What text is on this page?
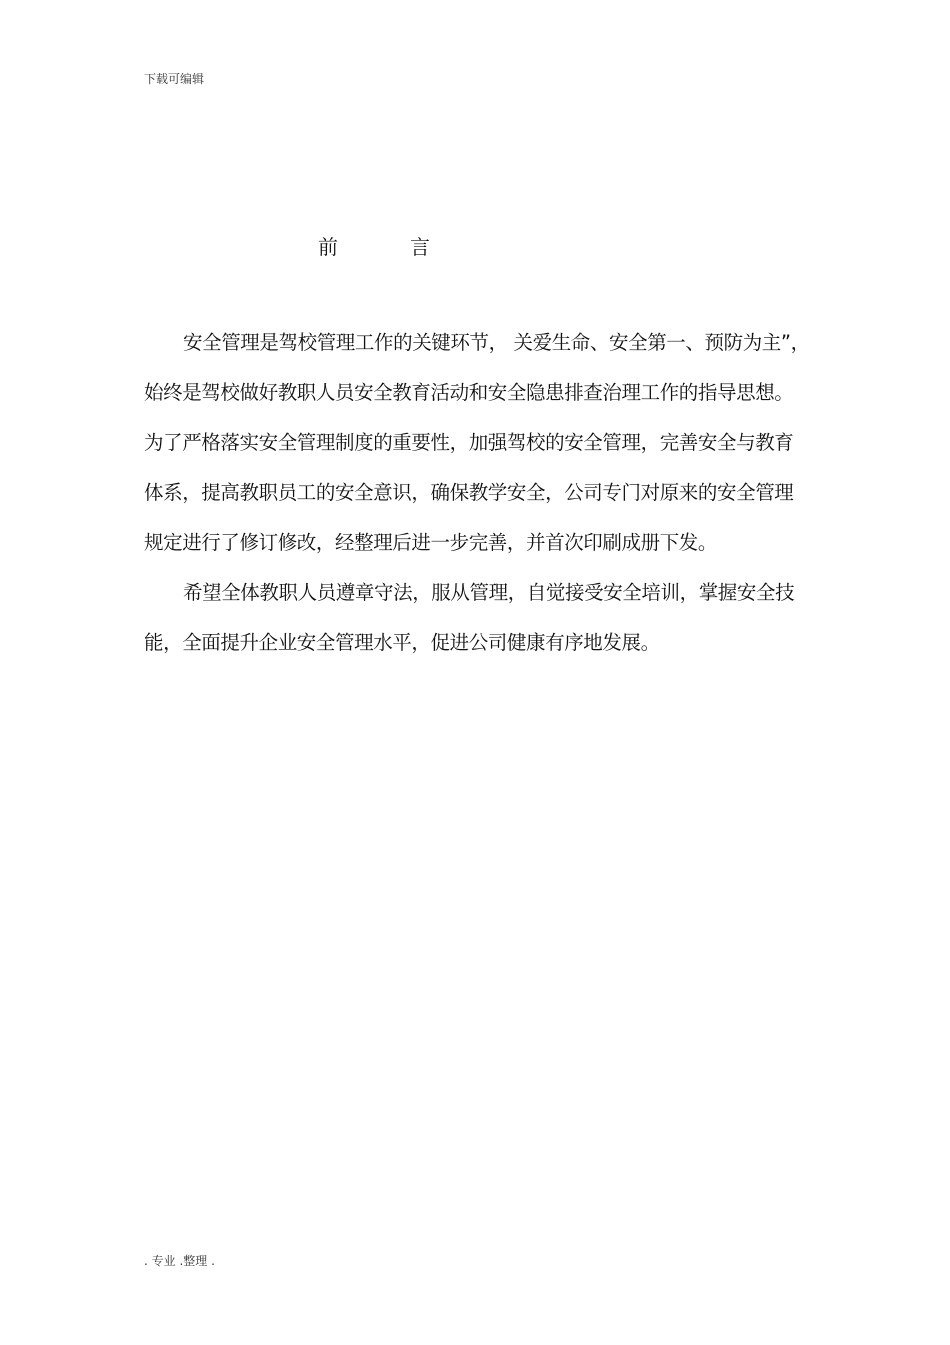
下载可编辑
前	言
安全管理是驾校管理工作的关键环节， 关爱生命、安全第一、预防为主”，
始终是驾校做好教职人员安全教育活动和安全隐患排查治理工作的指导思想。
为了严格落实安全管理制度的重要性，加强驾校的安全管理，完善安全与教育
体系，提高教职员工的安全意识，确保教学安全，公司专门对原来的安全管理
规定进行了修订修改，经整理后进一步完善，并首次印刷成册下发。
希望全体教职人员遵章守法，服从管理，自觉接受安全培训，掌握安全技
能，全面提升企业安全管理水平，促进公司健康有序地发展。
. 专业 .整理 .
